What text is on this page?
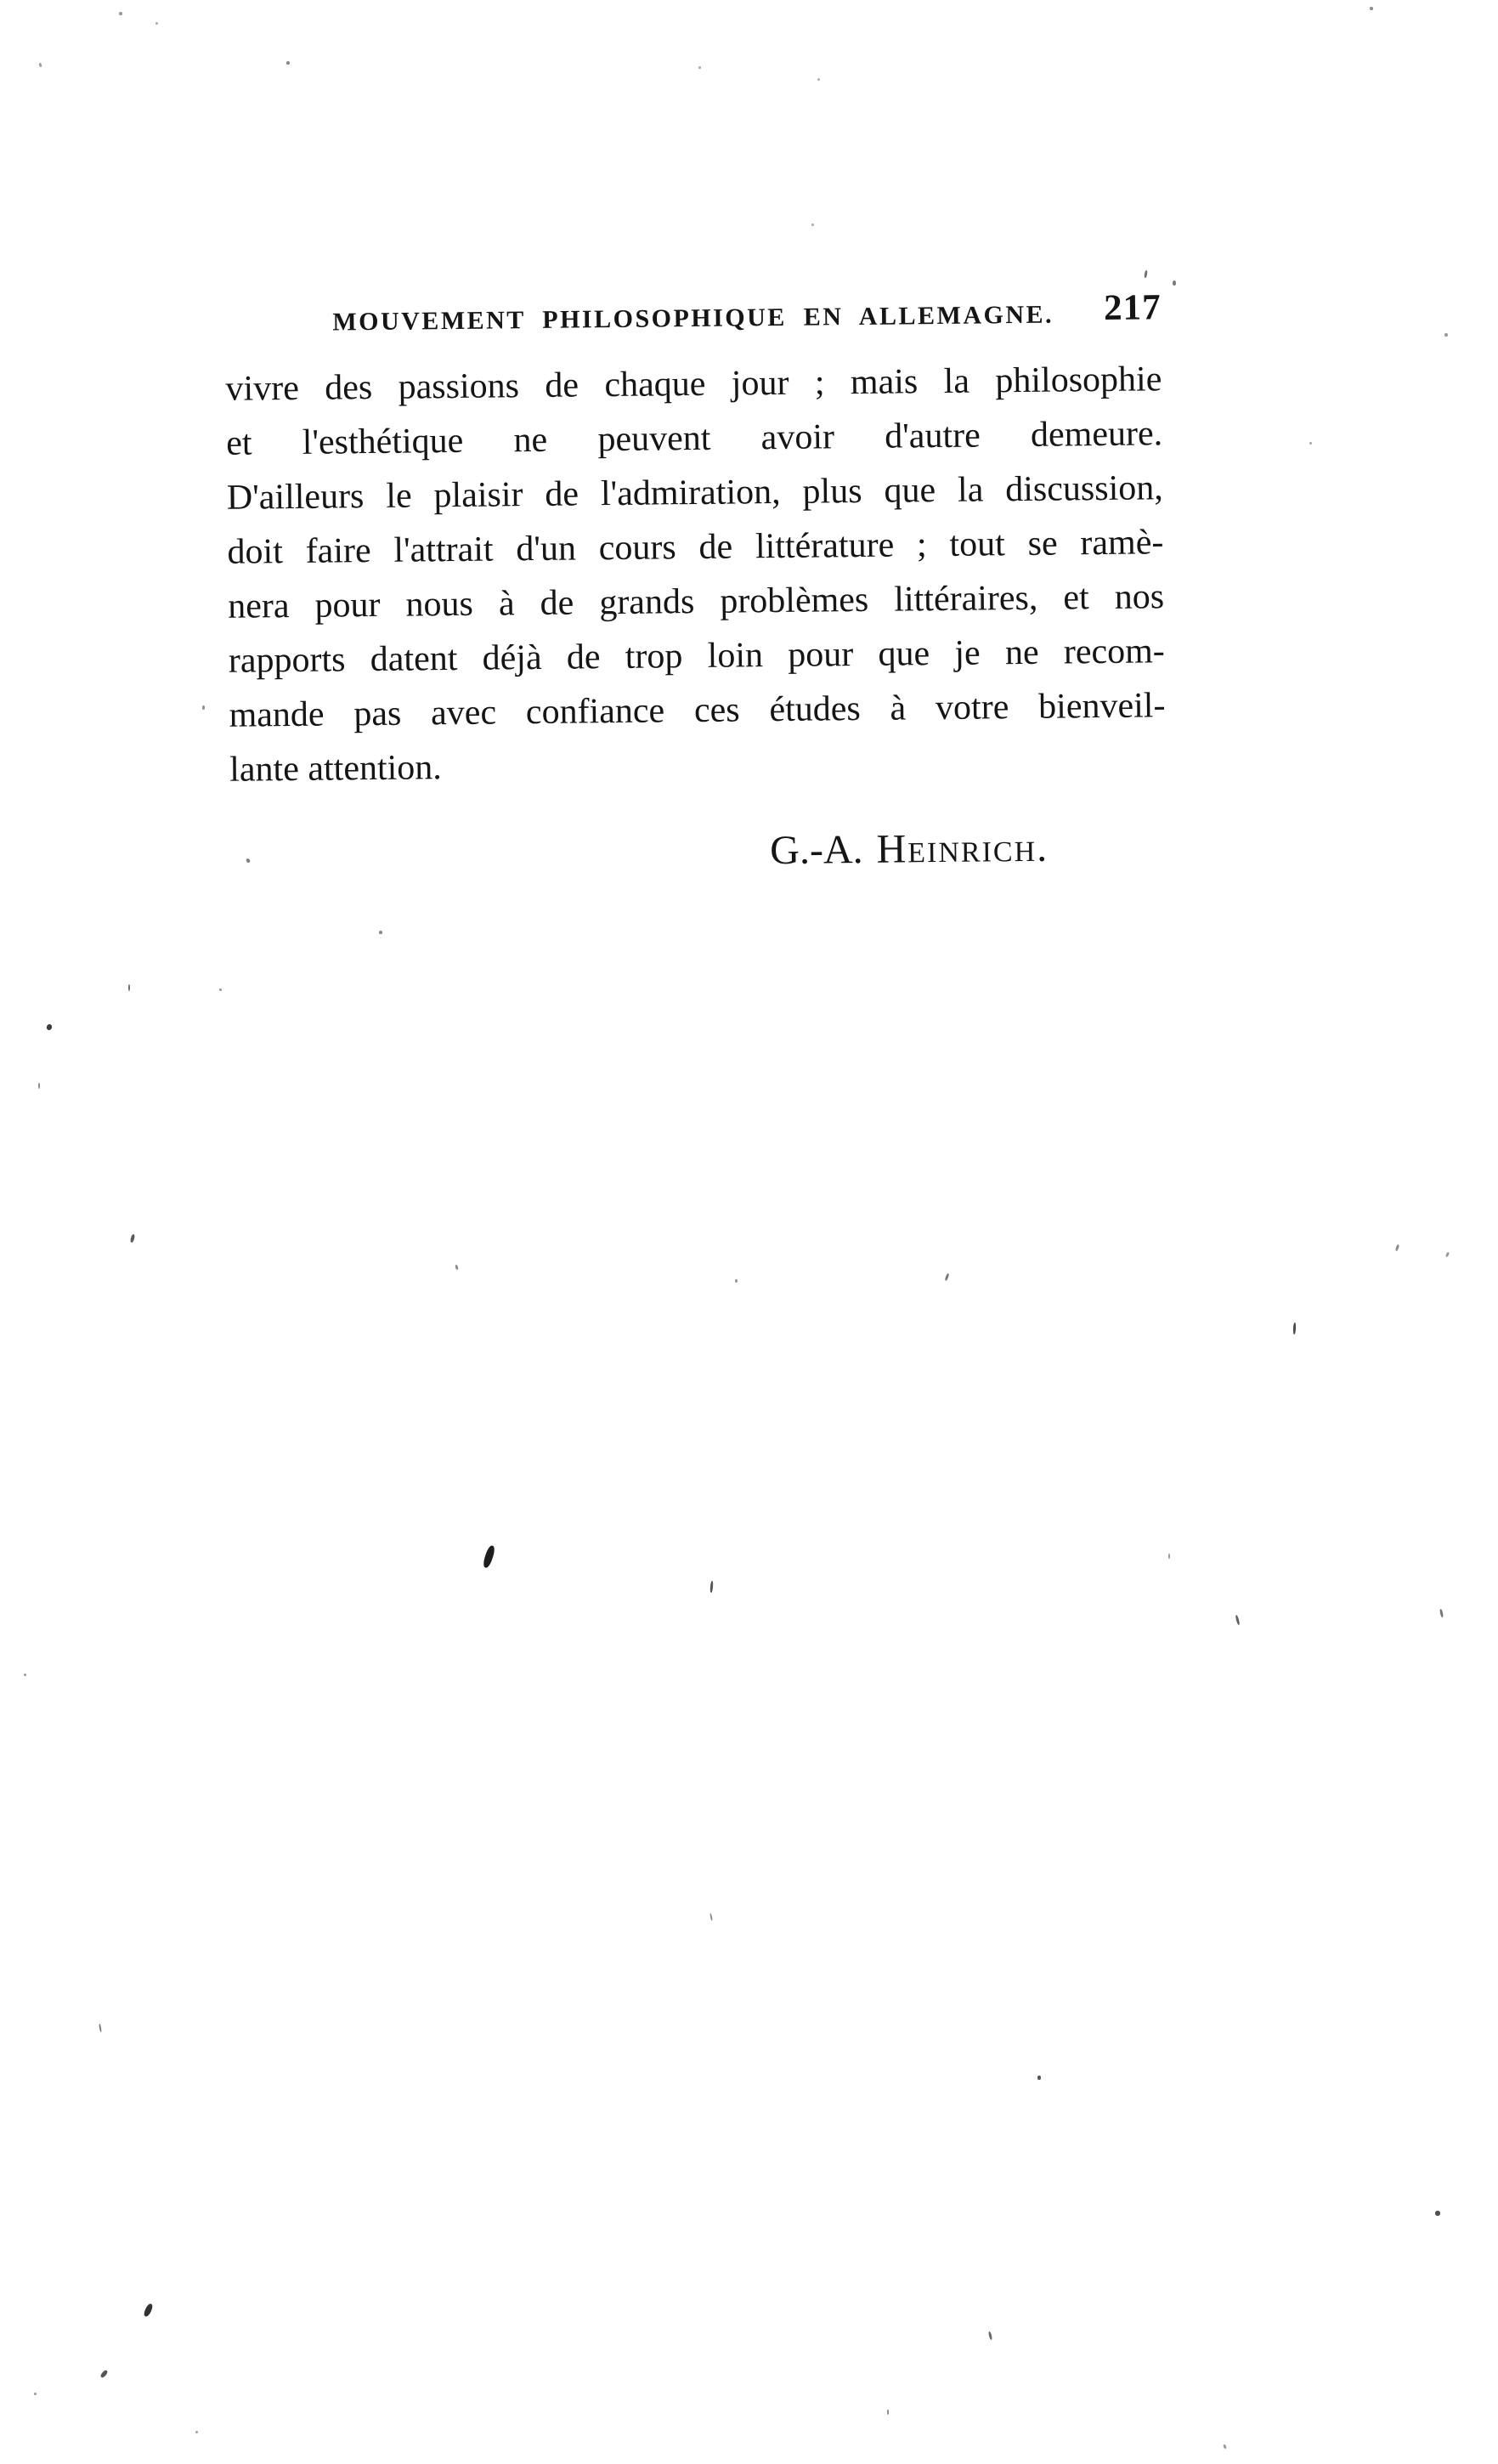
MOUVEMENT PHILOSOPHIQUE EN ALLEMAGNE.	217
vivre des passions de chaque jour ; mais la philosophie
et l'esthétique ne peuvent avoir d'autre demeure.
D'ailleurs le plaisir de l'admiration, plus que la discussion,
doit faire l'attrait d'un cours de littérature ; tout se ramè-
nera pour nous à de grands problèmes littéraires, et nos
rapports datent déjà de trop loin pour que je ne recom-
mande pas avec confiance ces études à votre bienveil-
lante attention.
G.-A. Heinrich.
